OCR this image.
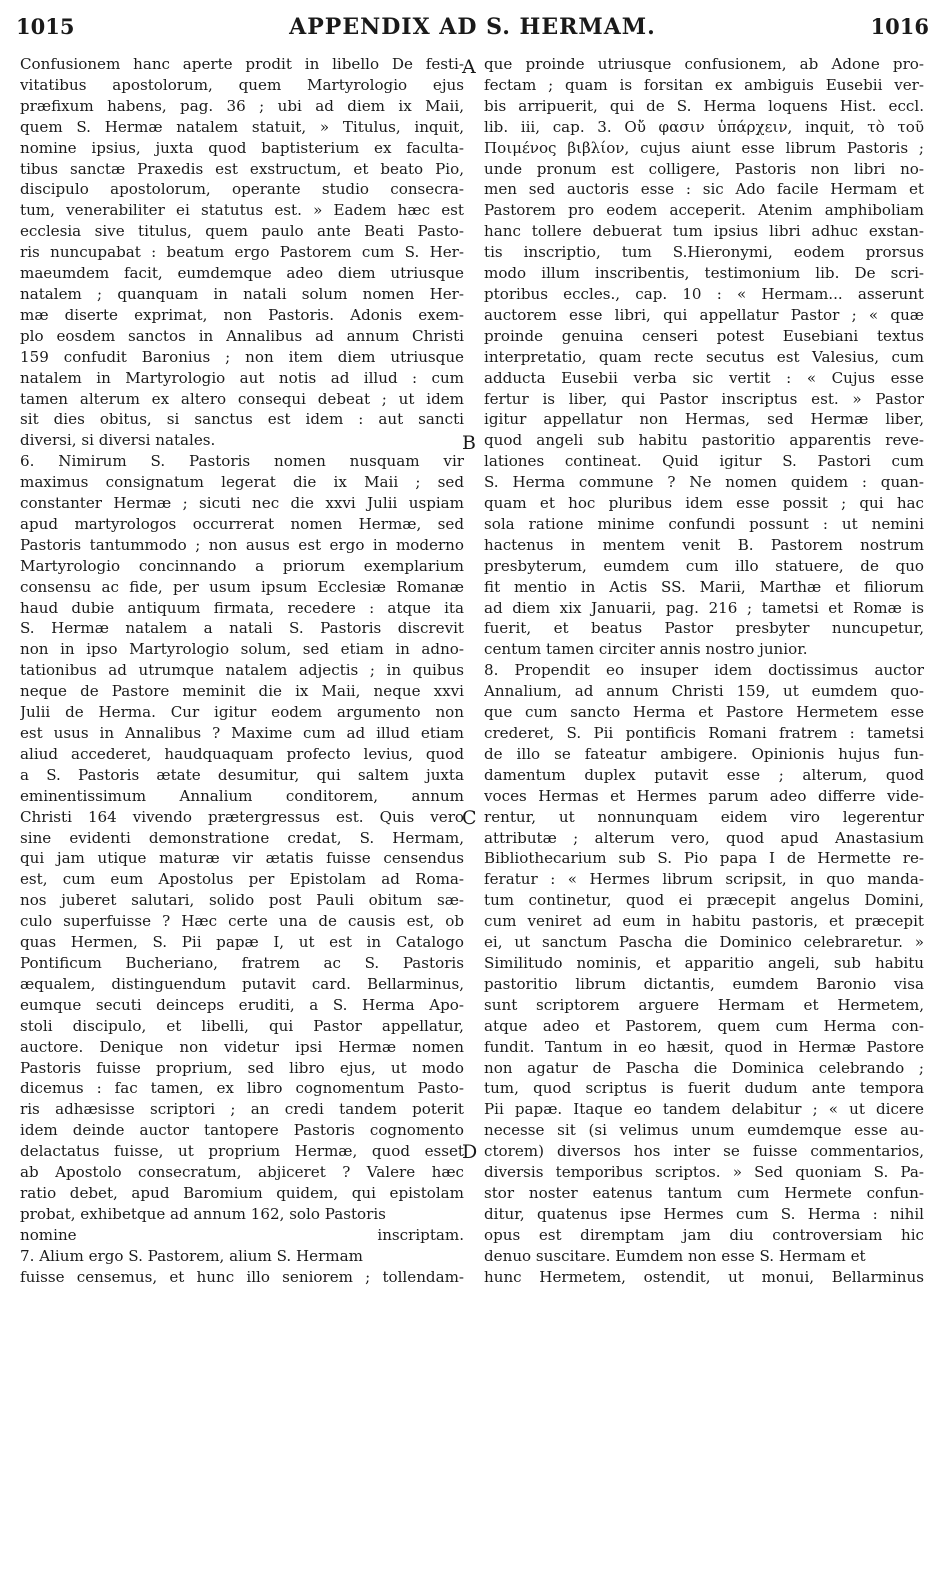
1015	APPENDIX AD S. HERMAM.	1016
Confusionem hanc aperte prodit in libello De festi-
vitatibus apostolorum, quem Martyrologio ejus
præfixum habens, pag. 36 ; ubi ad diem ix Maii,
quem S. Hermæ natalem statuit, » Titulus, inquit,
nomine ipsius, juxta quod baptisterium ex facultа-
tibus sanctæ Praxedis est exstructum, et beato Pio,
discipulo apostolorum, operante studio consecra-
tum, venerabiliter ei statutus est. » Eadem hæc est
ecclesia sive titulus, quem paulo ante Beati Pasto-
ris nuncupabat : beatum ergo Pastorem cum S. Her-
maeumdem facit, eumdemque adeo diem utriusque
natalem ; quanquam in natali solum nomen Her-
mæ diserte exprimat, non Pastoris. Adonis exem-
plo eosdem sanctos in Annalibus ad annum Christi
159 confudit Baronius ; non item diem utriusque
natalem in Martyrologio aut notis ad illud : cum
tamen alterum ex altero consequi debeat ; ut idem
sit dies obitus, si sanctus est idem : aut sancti
diversi, si diversi natales.
6. Nimirum S. Pastoris nomen nusquam vir
maximus consignatum legerat die ix Maii ; sed
constanter Hermæ ; sicuti nec die xxvi Julii uspiam
apud martyrologos occurrerat nomen Hermæ, sed
Pastoris tantummodo ; non ausus est ergo in moderno
Martyrologio concinnando a priorum exemplarium
consensu ac fide, per usum ipsum Ecclesiæ Romanæ
haud dubie antiquum firmata, recedere : atque ita
S. Hermæ natalem a natali S. Pastoris discrevit
non in ipso Martyrologio solum, sed etiam in adno-
tationibus ad utrumque natalem adjectis ; in quibus
neque de Pastore meminit die ix Maii, neque xxvi
Julii de Herma. Cur igitur eodem argumento non
est usus in Annalibus ? Maxime cum ad illud etiam
aliud accederet, haudquaquam profecto levius, quod
a S. Pastoris ætate desumitur, qui saltem juxta
eminentissimum Annalium conditorem, annum
Christi 164 vivendo prætergressus est. Quis vero
sine evidenti demonstratione credat, S. Hermam,
qui jam utique maturæ vir ætatis fuisse censendus
est, cum eum Apostolus per Epistolam ad Roma-
nos juberet salutari, solido post Pauli obitum sæ-
culo superfuisse ? Hæc certe una de causis est, ob
quas Hermen, S. Pii papæ I, ut est in Catalogo
Pontificum Bucheriano, fratrem ac S. Pastoris
æqualem, distinguendum putavit card. Bellarminus,
eumque secuti deinceps eruditi, a S. Herma Apo-
stoli discipulo, et libelli, qui Pastor appellatur,
auctore. Denique non videtur ipsi Hermæ nomen
Pastoris fuisse proprium, sed libro ejus, ut modo
dicemus : fac tamen, ex libro cognomentum Pasto-
ris adhæsisse scriptori ; an credi tandem poterit
idem deinde auctor tantopere Pastoris cognomento
delactatus fuisse, ut proprium Hermæ, quod esset
ab Apostolo consecratum, abjiceret ? Valere hæc
ratio debet, apud Baromium quidem, qui epistolam
probat, exhibetque ad annum 162, solo Pastoris
nomine inscriptam.
7. Alium ergo S. Pastorem, alium S. Hermam
fuisse censemus, et hunc illo seniorem ; tollendam-
que proinde utriusque confusionem, ab Adone pro-
fectam ; quam is forsitan ex ambiguis Eusebii ver-
bis arripuerit, qui de S. Herma loquens Hist. eccl.
lib. iii, cap. 3. Οὔ φασιν ὑπάρχειν, inquit, τὸ τοῦ
Ποιμένος βιβλίον, cujus aiunt esse librum Pastoris ;
unde pronum est colligere, Pastoris non libri no-
men sed auctoris esse : sic Ado facile Hermam et
Pastorem pro eodem acceperit. Atenim amphiboliam
hanc tollere debuerat tum ipsius libri adhuc exstan-
tis inscriptio, tum S.Hieronymi, eodem prorsus
modo illum inscribentis, testimonium lib. De scri-
ptoribus eccles., cap. 10 : « Hermam... asserunt
auctorem esse libri, qui appellatur Pastor ; « quæ
proinde genuina censeri potest Eusebiani textus
interpretatio, quam recte secutus est Valesius, cum
adducta Eusebii verba sic vertit : « Cujus esse
fertur is liber, qui Pastor inscriptus est. » Pastor
igitur appellatur non Hermas, sed Hermæ liber,
quod angeli sub habitu pastoritio apparentis reve-
lationes contineat. Quid igitur S. Pastori cum
S. Herma commune ? Ne nomen quidem : quan-
quam et hoc pluribus idem esse possit ; qui hac
sola ratione minime confundi possunt : ut nemini
hactenus in mentem venit B. Pastorem nostrum
presbyterum, eumdem cum illo statuere, de quo
fit mentio in Actis SS. Marii, Marthæ et filiorum
ad diem xix Januarii, pag. 216 ; tametsi et Romæ is
fuerit, et beatus Pastor presbyter nuncupetur,
centum tamen circiter annis nostro junior.
8. Propendit eo insuper idem doctissimus auctor
Annalium, ad annum Christi 159, ut eumdem quo-
que cum sancto Herma et Pastore Hermetem esse
crederet, S. Pii pontificis Romani fratrem : tametsi
de illo se fateatur ambigere. Opinionis hujus fun-
damentum duplex putavit esse ; alterum, quod
voces Hermas et Hermes parum adeo differre vide-
rentur, ut nonnunquam eidem viro legerentur
attributæ ; alterum vero, quod apud Anastasium
Bibliothecarium sub S. Pio papa I de Hermette re-
feratur : « Hermes librum scripsit, in quo manda-
tum continetur, quod ei præcepit angelus Domini,
cum veniret ad eum in habitu pastoris, et præcepit
ei, ut sanctum Pascha die Dominico celebraretur. »
Similitudo nominis, et apparitio angeli, sub habitu
pastoritio librum dictantis, eumdem Baronio visa
sunt scriptorem arguere Hermam et Hermetem,
atque adeo et Pastorem, quem cum Herma con-
fundit. Tantum in eo hæsit, quod in Hermæ Pastore
non agatur de Pascha die Dominica celebrando ;
tum, quod scriptus is fuerit dudum ante tempora
Pii papæ. Itaque eo tandem delabitur ; « ut dicere
necesse sit (si velimus unum eumdemque esse au-
ctorem) diversos hos inter se fuisse commentarios,
diversis temporibus scriptos. » Sed quoniam S. Pa-
stor noster eatenus tantum cum Hermete confun-
ditur, quatenus ipse Hermes cum S. Herma : nihil
opus est diremptam jam diu controversiam hic
denuo suscitare. Eumdem non esse S. Hermam et
hunc Hermetem, ostendit, ut monui, Bellarminus
A
B
C
D
